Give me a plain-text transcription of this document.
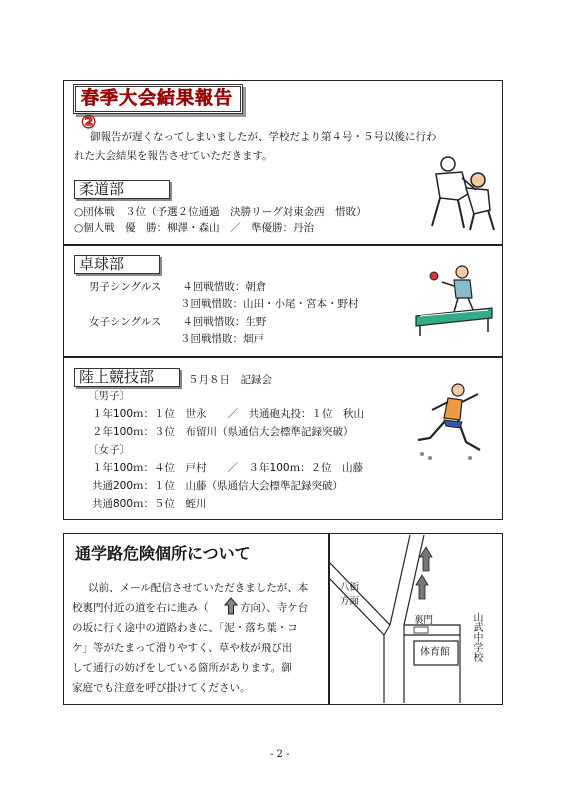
春季大会結果報告②
御報告が遅くなってしまいましたが、学校だより第４号・５号以後に行わ
れた大会結果を報告させていただきます。
柔道部
○団体戦　３位（予選２位通過　決勝リーグ対東金西　惜敗）
○個人戦　優　勝：柳澤・森山　／　準優勝：丹治
卓球部
男子シングルス　　４回戦惜敗：朝倉
３回戦惜敗：山田・小尾・宮本・野村
女子シングルス　　４回戦惜敗：生野
３回戦惜敗：畑戸
陸上競技部	５月８日　記録会
〔男子〕
１年100ｍ：１位　世永　　／　共通砲丸投：１位　秋山
２年100ｍ：３位　布留川（県通信大会標準記録突破）
〔女子〕
１年100ｍ：４位　戸村　　／　３年100ｍ：２位　山藤
共通200ｍ：１位　山藤（県通信大会標準記録突破）
共通800ｍ：５位　蛭川
通学路危険個所について
以前、メール配信させていただきましたが、本
校裏門付近の道を右に進み（	方向）、寺ケ台
の坂に行く途中の道路わきに、「泥・落ち葉・コ
ケ」等がたまって滑りやすく、草や枝が飛び出
して通行の妨げをしている箇所があります。御
家庭でも注意を呼び掛けてください。
八街
方面
裏門
体育館 山武中学校
- 2 -
